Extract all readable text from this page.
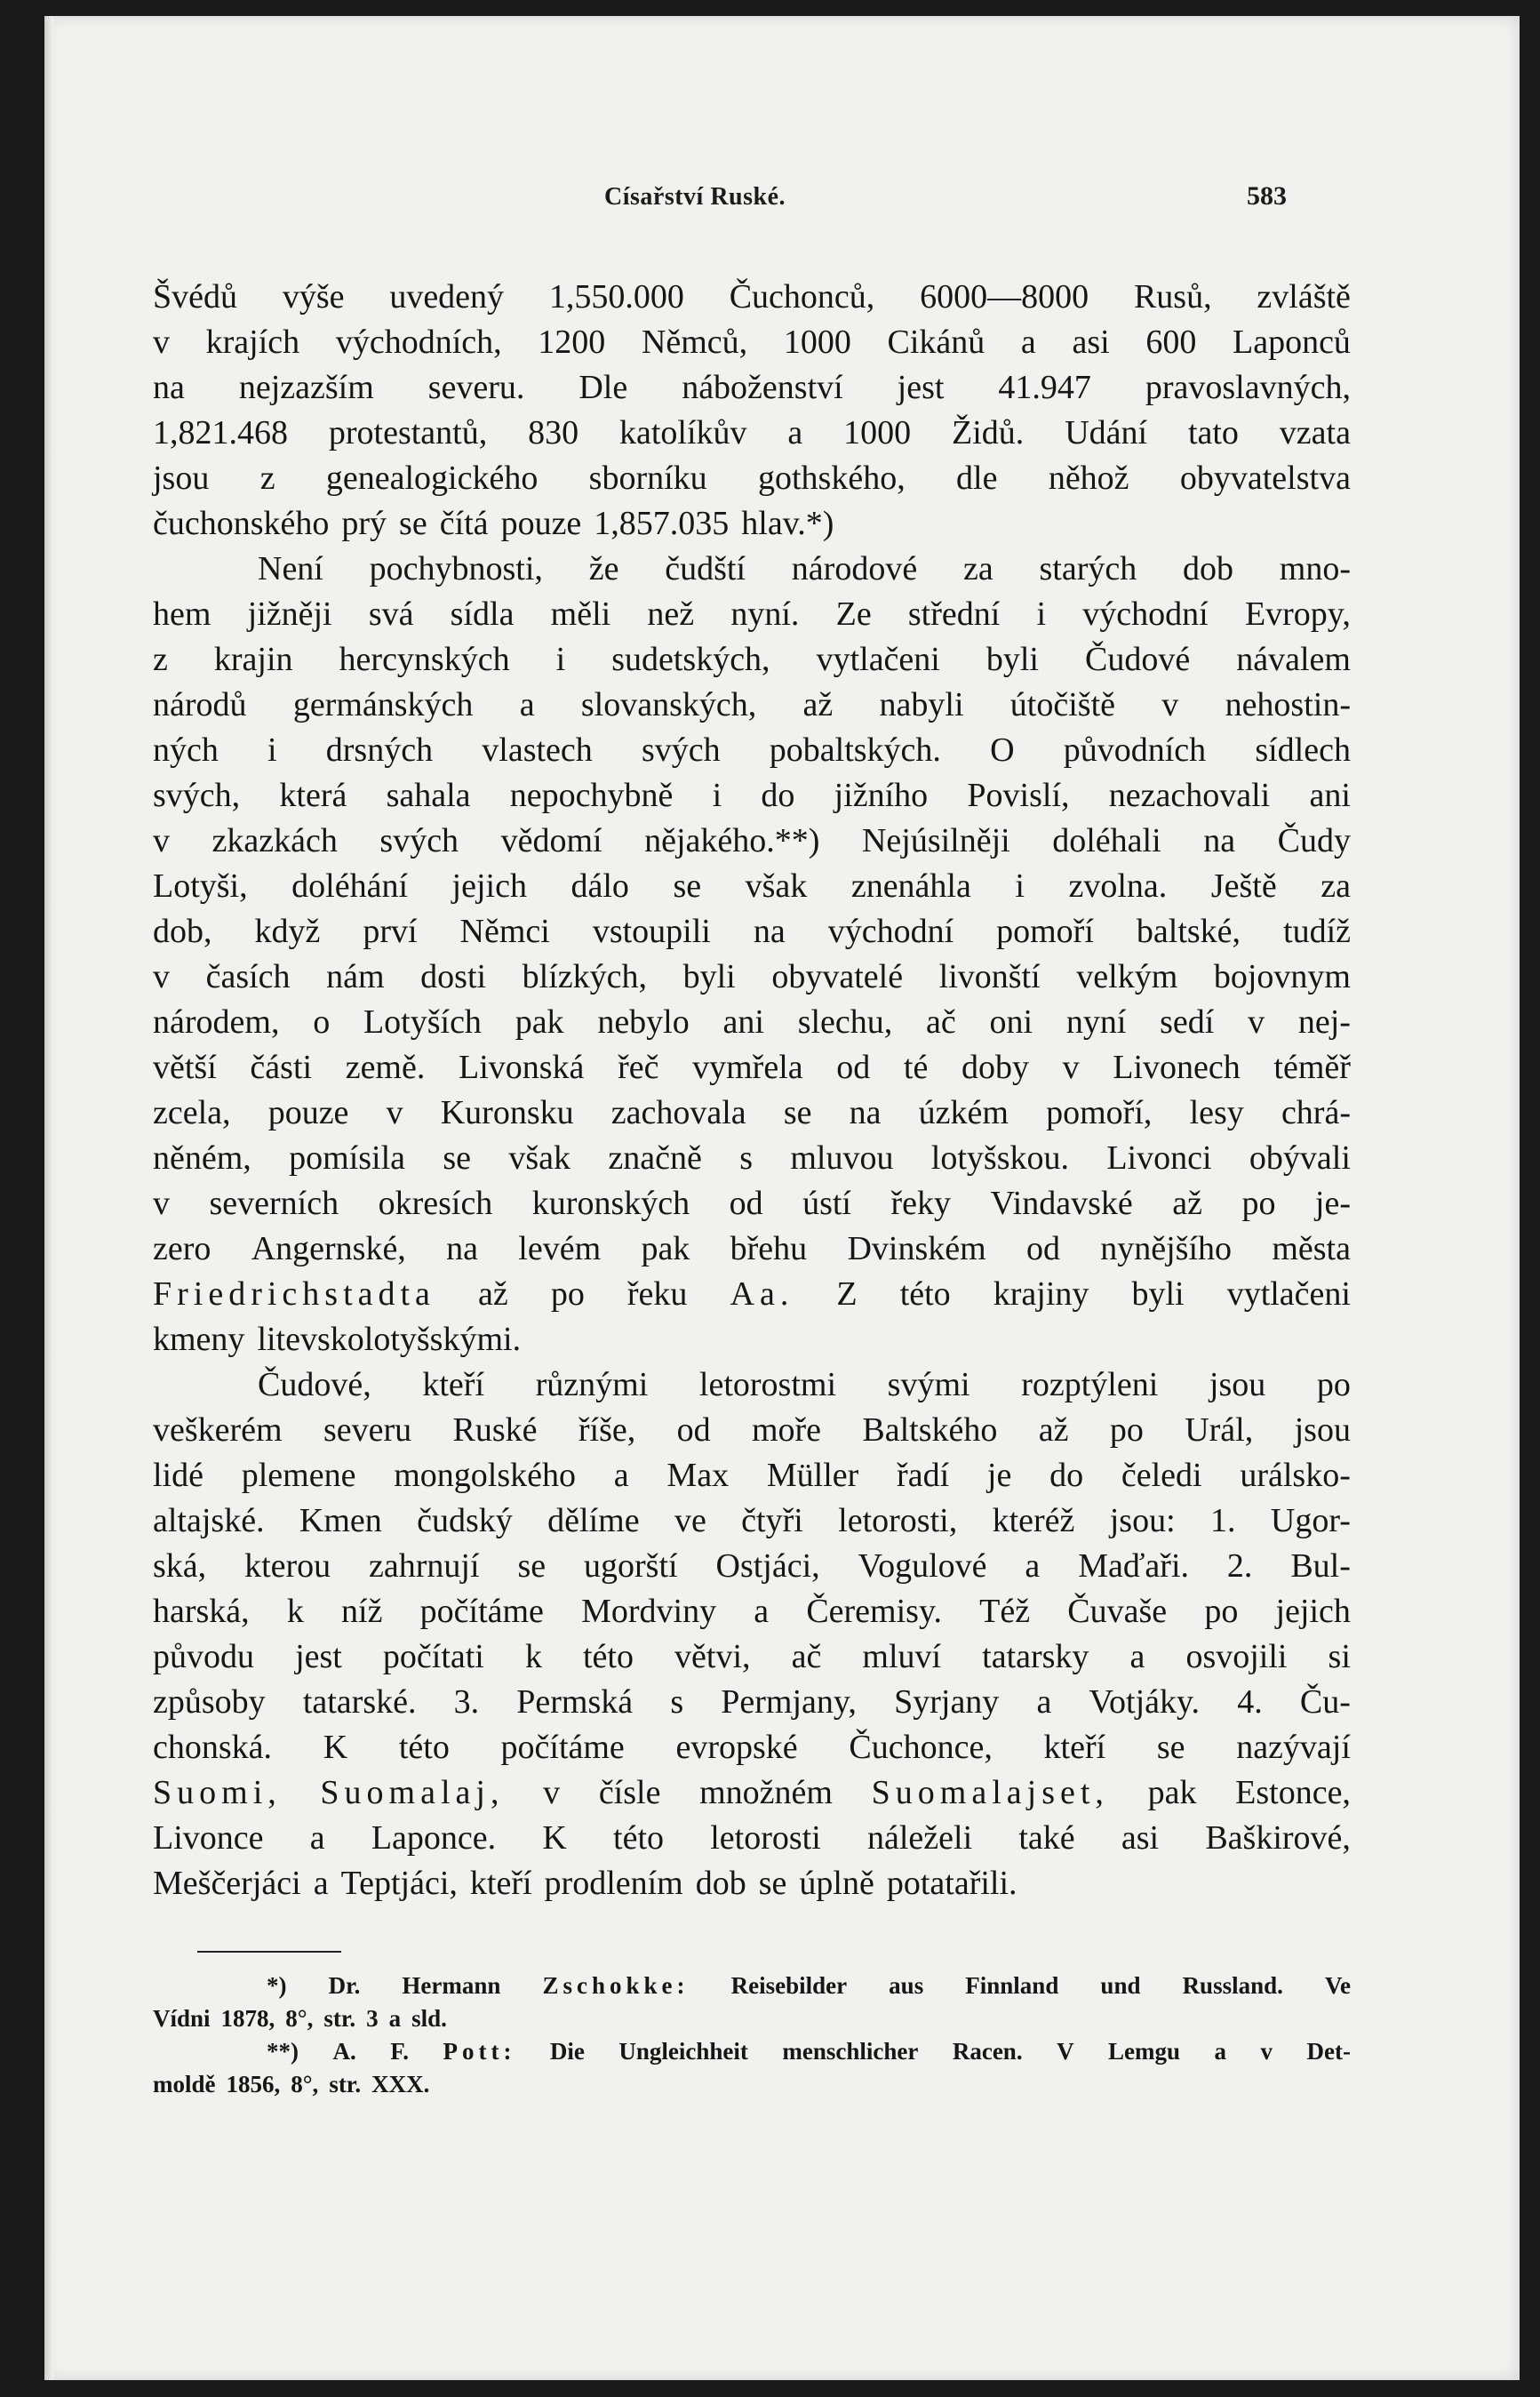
Císařství Ruské.	583
Švédů výše uvedený 1,550.000 Čuchonců, 6000—8000 Rusů, zvláště
v krajích východních, 1200 Němců, 1000 Cikánů a asi 600 Laponců
na nejzazším severu. Dle náboženství jest 41.947 pravoslavných,
1,821.468 protestantů, 830 katolíkův a 1000 Židů. Udání tato vzata
jsou z genealogického sborníku gothského, dle něhož obyvatelstva
čuchonského prý se čítá pouze 1,857.035 hlav.*)
Není pochybnosti, že čudští národové za starých dob mno-
hem jižněji svá sídla měli než nyní. Ze střední i východní Evropy,
z krajin hercynských i sudetských, vytlačeni byli Čudové návalem
národů germánských a slovanských, až nabyli útočiště v nehostin-
ných i drsných vlastech svých pobaltských. O původních sídlech
svých, která sahala nepochybně i do jižního Povislí, nezachovali ani
v zkazkách svých vědomí nějakého.**) Nejúsilněji doléhali na Čudy
Lotyši, doléhání jejich dálo se však znenáhla i zvolna. Ještě za
dob, když prví Němci vstoupili na východní pomoří baltské, tudíž
v časích nám dosti blízkých, byli obyvatelé livonští velkým bojovnym
národem, o Lotyších pak nebylo ani slechu, ač oni nyní sedí v nej-
větší části země. Livonská řeč vymřela od té doby v Livonech téměř
zcela, pouze v Kuronsku zachovala se na úzkém pomoří, lesy chrá-
něném, pomísila se však značně s mluvou lotyšskou. Livonci obývali
v severních okresích kuronských od ústí řeky Vindavské až po je-
zero Angernské, na levém pak břehu Dvinském od nynějšího města
Friedrichstadta až po řeku Aa. Z této krajiny byli vytlačeni
kmeny litevskolotyšskými.
Čudové, kteří různými letorostmi svými rozptýleni jsou po
veškerém severu Ruské říše, od moře Baltského až po Urál, jsou
lidé plemene mongolského a Max Müller řadí je do čeledi urálsko-
altajské. Kmen čudský dělíme ve čtyři letorosti, kteréž jsou: 1. Ugor-
ská, kterou zahrnují se ugorští Ostjáci, Vogulové a Maďaři. 2. Bul-
harská, k níž počítáme Mordviny a Čeremisy. Též Čuvaše po jejich
původu jest počítati k této větvi, ač mluví tatarsky a osvojili si
způsoby tatarské. 3. Permská s Permjany, Syrjany a Votjáky. 4. Ču-
chonská. K této počítáme evropské Čuchonce, kteří se nazývají
Suomi, Suomalaj, v čísle množném Suomalajset, pak Estonce,
Livonce a Laponce. K této letorosti náleželi také asi Baškirové,
Meščerjáci a Teptjáci, kteří prodlením dob se úplně potatařili.
*) Dr. Hermann Zschokke: Reisebilder aus Finnland und Russland. Ve
Vídni 1878, 8°, str. 3 a sld.
**) A. F. Pott: Die Ungleichheit menschlicher Racen. V Lemgu a v Det-
moldě 1856, 8°, str. XXX.
